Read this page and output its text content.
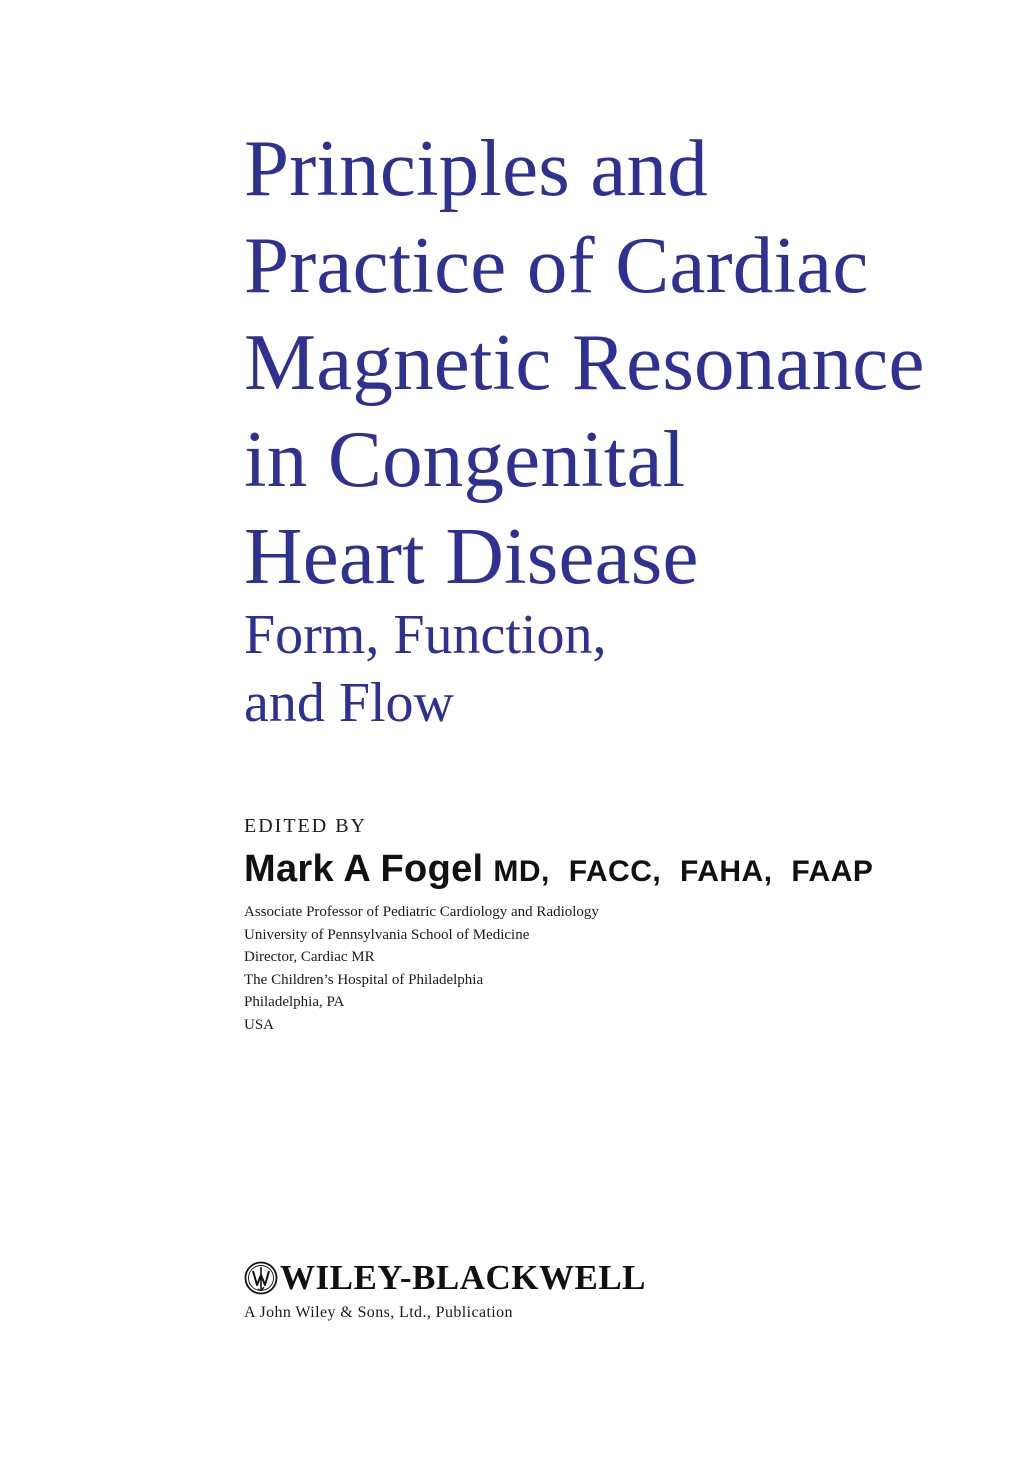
Principles and
Practice of Cardiac
Magnetic Resonance
in Congenital
Heart Disease
Form, Function,
and Flow
EDITED BY
Mark A Fogel MD, FACC, FAHA, FAAP
Associate Professor of Pediatric Cardiology and Radiology
University of Pennsylvania School of Medicine
Director, Cardiac MR
The Children’s Hospital of Philadelphia
Philadelphia, PA
USA
WILEY-BLACKWELL
A John Wiley & Sons, Ltd., Publication
